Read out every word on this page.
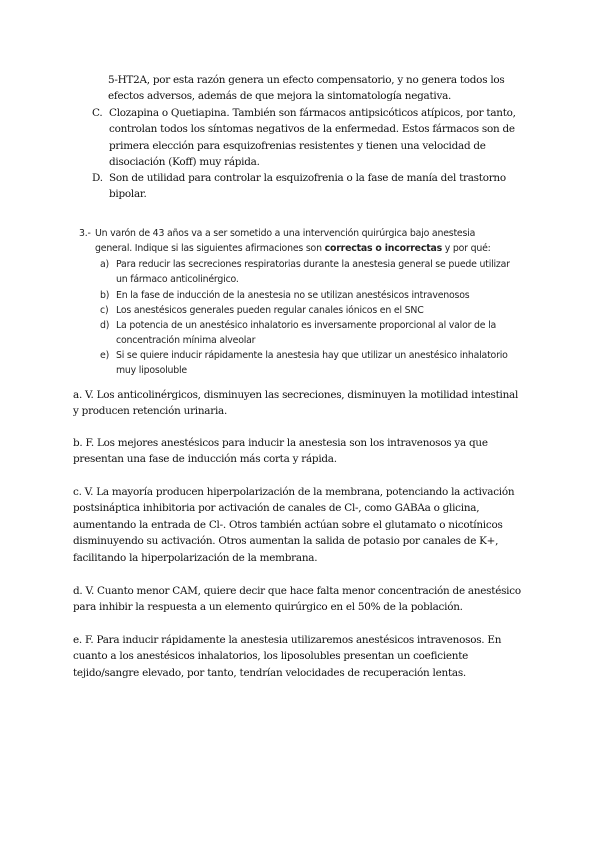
5-HT2A, por esta razón genera un efecto compensatorio, y no genera todos los
efectos adversos, además de que mejora la sintomatología negativa.
C. Clozapina o Quetiapina. También son fármacos antipsicóticos atípicos, por tanto,
controlan todos los síntomas negativos de la enfermedad. Estos fármacos son de
primera elección para esquizofrenias resistentes y tienen una velocidad de
disociación (Koff) muy rápida.
D. Son de utilidad para controlar la esquizofrenia o la fase de manía del trastorno
bipolar.
3.- Un varón de 43 años va a ser sometido a una intervención quirúrgica bajo anestesia
general. Indique si las siguientes afirmaciones son correctas o incorrectas y por qué:
a) Para reducir las secreciones respiratorias durante la anestesia general se puede utilizar
un fármaco anticolinérgico.
b) En la fase de inducción de la anestesia no se utilizan anestésicos intravenosos
c) Los anestésicos generales pueden regular canales iónicos en el SNC
d) La potencia de un anestésico inhalatorio es inversamente proporcional al valor de la
concentración mínima alveolar
e) Si se quiere inducir rápidamente la anestesia hay que utilizar un anestésico inhalatorio
muy liposoluble
a. V. Los anticolinérgicos, disminuyen las secreciones, disminuyen la motilidad intestinal
y producen retención urinaria.
b. F. Los mejores anestésicos para inducir la anestesia son los intravenosos ya que
presentan una fase de inducción más corta y rápida.
c. V. La mayoría producen hiperpolarización de la membrana, potenciando la activación
postsináptica inhibitoria por activación de canales de Cl-, como GABAa o glicina,
aumentando la entrada de Cl-. Otros también actúan sobre el glutamato o nicotínicos
disminuyendo su activación. Otros aumentan la salida de potasio por canales de K+,
facilitando la hiperpolarización de la membrana.
d. V. Cuanto menor CAM, quiere decir que hace falta menor concentración de anestésico
para inhibir la respuesta a un elemento quirúrgico en el 50% de la población.
e. F. Para inducir rápidamente la anestesia utilizaremos anestésicos intravenosos. En
cuanto a los anestésicos inhalatorios, los liposolubles presentan un coeficiente
tejido/sangre elevado, por tanto, tendrían velocidades de recuperación lentas.
